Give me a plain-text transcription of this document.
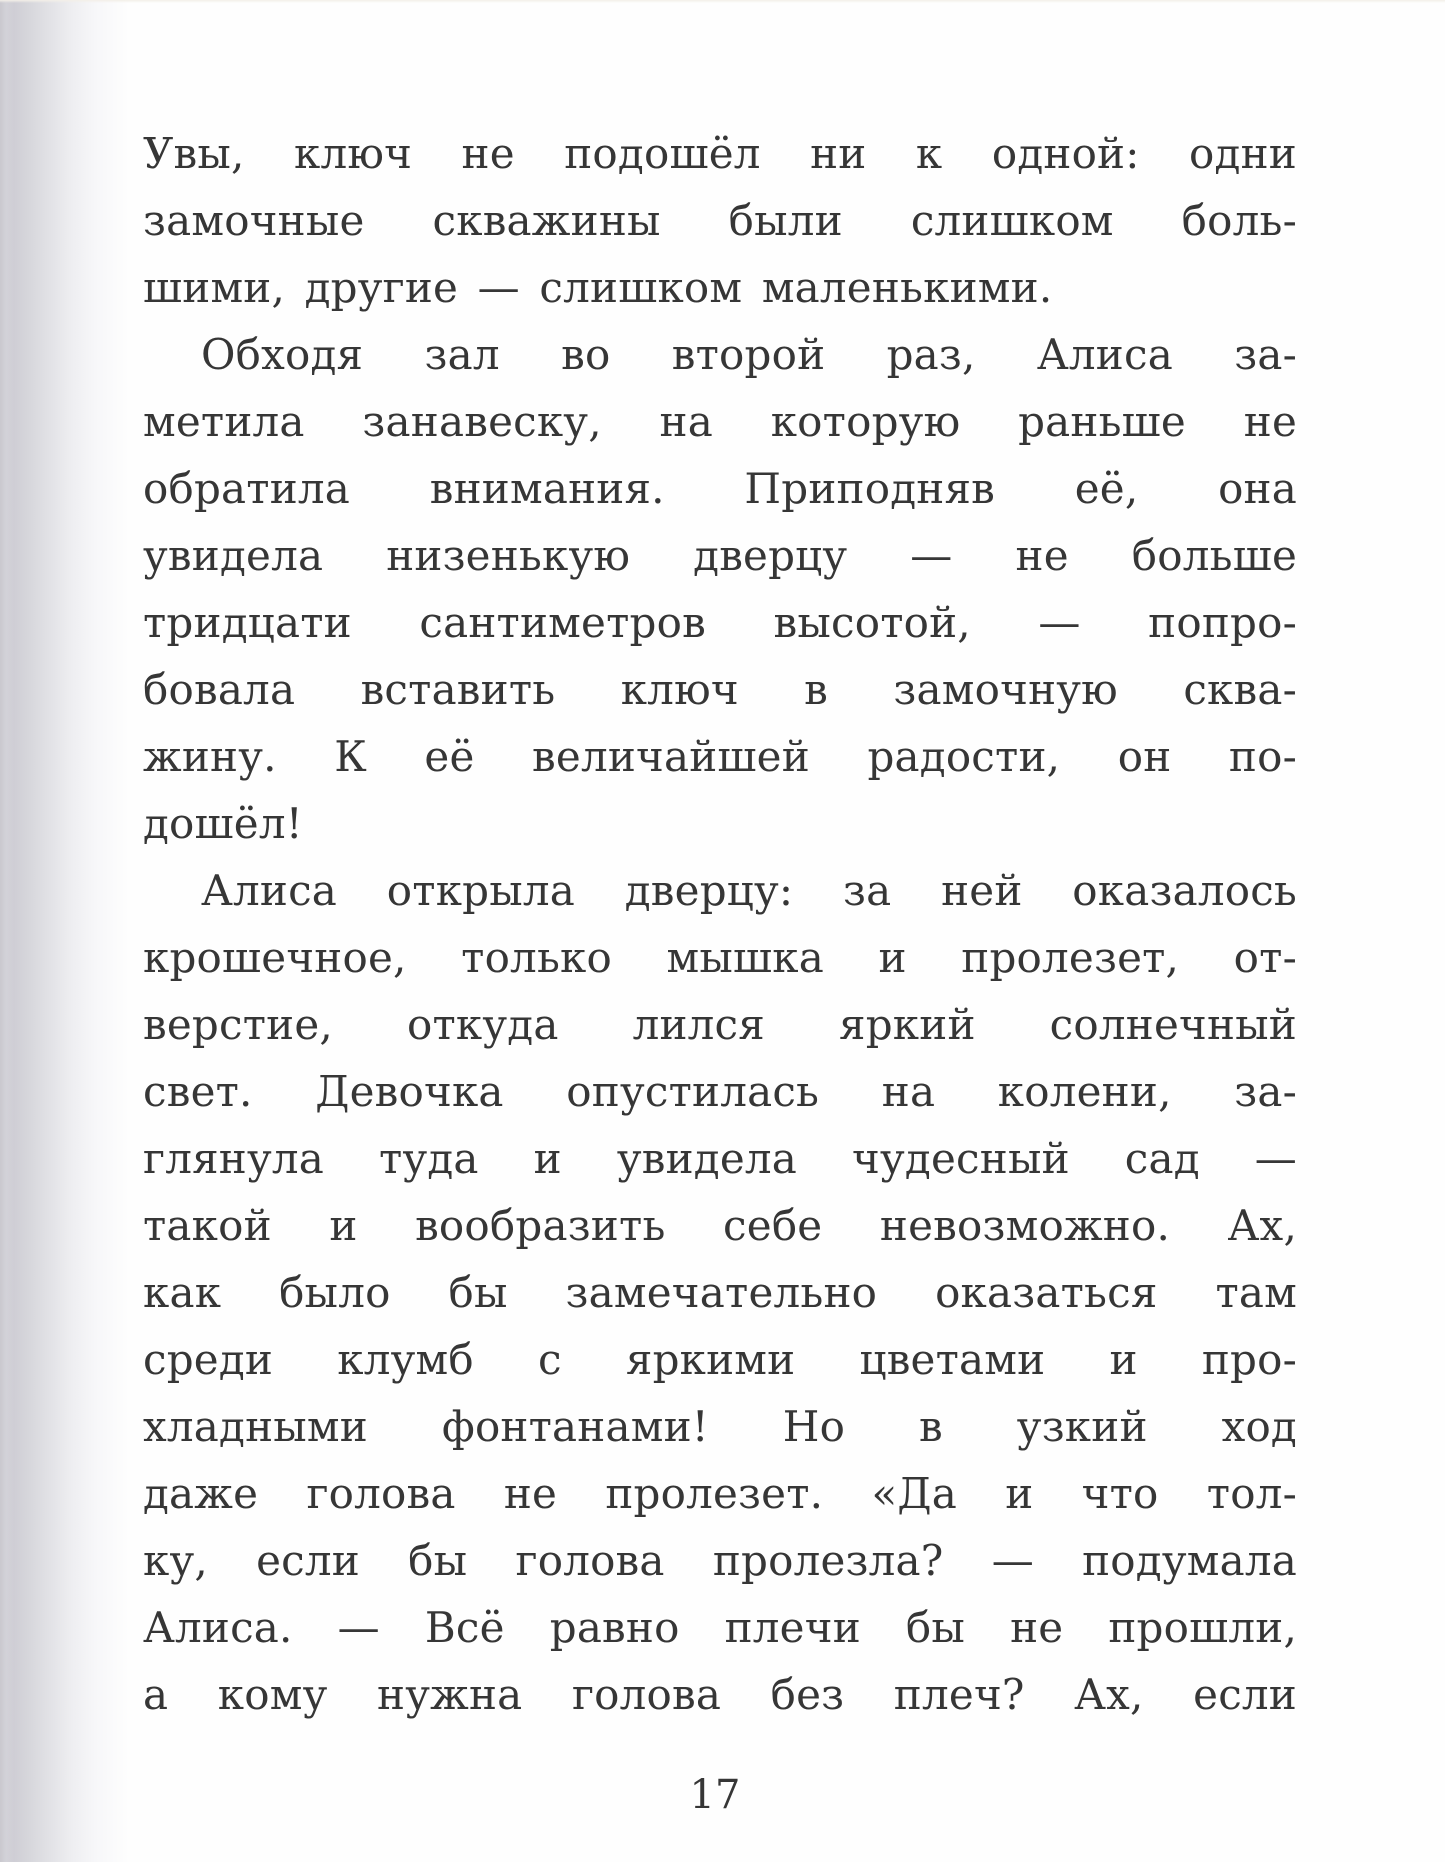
Увы, ключ не подошёл ни к одной: одни
замочные скважины были слишком боль-
шими, другие — слишком маленькими.
Обходя зал во второй раз, Алиса за-
метила занавеску, на которую раньше не
обратила внимания. Приподняв её, она
увидела низенькую дверцу — не больше
тридцати сантиметров высотой, — попро-
бовала вставить ключ в замочную сква-
жину. К её величайшей радости, он по-
дошёл!
Алиса открыла дверцу: за ней оказалось
крошечное, только мышка и пролезет, от-
верстие, откуда лился яркий солнечный
свет. Девочка опустилась на колени, за-
глянула туда и увидела чудесный сад —
такой и вообразить себе невозможно. Ах,
как было бы замечательно оказаться там
среди клумб с яркими цветами и про-
хладными фонтанами! Но в узкий ход
даже голова не пролезет. «Да и что тол-
ку, если бы голова пролезла? — подумала
Алиса. — Всё равно плечи бы не прошли,
а кому нужна голова без плеч? Ах, если
17
